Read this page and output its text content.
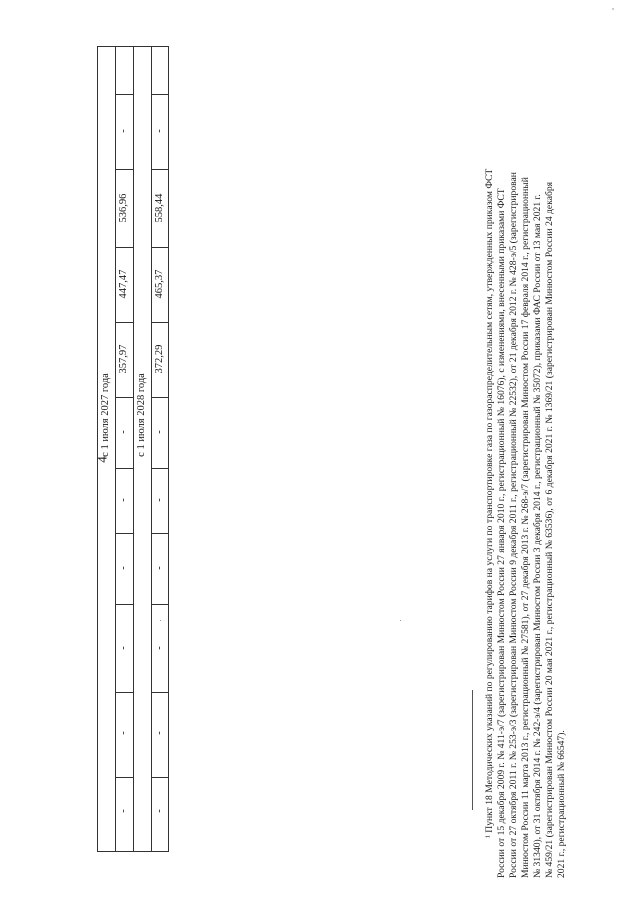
4
с 1 июля 2027 года с 1 июля 2028 года
-
-
-
-
-
-
357,97
447,47
536,96
-
-
-
-
-
-
-
372,29
465,37
558,44
-
¹ Пункт 18 Методических указаний по регулированию тарифов на услуги по транспортировке газа по газораспределительным сетям, утвержденных приказом ФСТ России от 15 декабря 2009 г. № 411-э/7 (зарегистрирован Минюстом России 27 января 2010 г., регистрационный № 16076), с изменениями, внесенными приказами ФСТ России от 27 октября 2011 г. № 253-э/3 (зарегистрирован Минюстом России 9 декабря 2011 г., регистрационный № 22532), от 21 декабря 2012 г. № 428-э/5 (зарегистрирован Минюстом России 11 марта 2013 г., регистрационный № 27581), от 27 декабря 2013 г. № 268-э/7 (зарегистрирован Минюстом России 17 февраля 2014 г., регистрационный № 31340), от 31 октября 2014 г. № 242-э/4 (зарегистрирован Минюстом России 3 декабря 2014 г., регистрационный № 35072), приказами ФАС России от 13 мая 2021 г. № 459/21 (зарегистрирован Минюстом России 20 мая 2021 г., регистрационный № 63536), от 6 декабря 2021 г. № 1369/21 (зарегистрирован Минюстом России 24 декабря 2021 г., регистрационный № 66547).
